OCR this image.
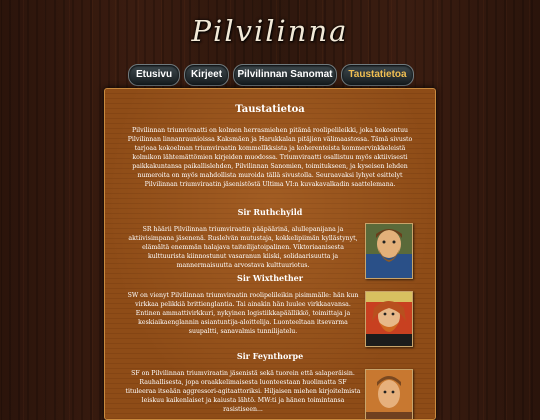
Pilvilinna
Etusivu	Kirjeet	Pilvilinnan Sanomat	Taustatietoa
Taustatietoa
Pilvilinnan triumviraatti on kolmen herrasmiehen pitämä roolipelileikki, joka kokoontuu Pilvilinnan linnanraunioissa Kaksmäen ja Harukkalan pitäjien välimaastossa. Tämä sivusto tarjoaa kokoelman triumviraatin kommellkksista ja koherenteista kommervinkkeleistä kolmikon lähtemättömien kirjeiden muodossa. Triumviraatti osallistuu myös aktiivisesti paikkakuntansa paikallislehden, Pilvilinnan Sanomien, toimitukseen, ja kyseisen lehden numeroita on myös mahdollista muroida tällä sivustolla. Seuraavaksi lyhyet esittelyt Pilvilinnan triumviraatin jäsenistöstä Ultima VI:n kuvakavalkadin saattelemana.
Sir Ruthchyild
SR häärii Pilvilinnan triumviraatin pääpäärinä, alullepanijana ja aktiivisimpana jäsenenä. Ruslelvän mutustaja, kokkelipiimän kyllästynyt, elämältä enemmän halajava taiteilijatoipalinen. Viktoriaanisesta kulttuurista kiinnostunut vasaranun kiiski, solidaarisuutta ja mannermaisuutta arvostava kulttuuriotus.
Sir Wixthether
SW on vienyt Pilvilinnan triumviraatin roolipelileikin pisimmälle: hän kun virkkaa pelikkiä brittienglantia. Tai ainakin hän luulee virkkaavansa. Entinen ammattivirkkuri, nykyinen logistiikkapäällikkö, toimittaja ja keskiaikaenglannin asiantuntija-aloittelija. Luonteeltaan itsevarma suupaltti, sanavalmis tunnilijatelu.
Sir Feynthorpe
SF on Pilvilinnan triumviraatin jäsenistä sekä tuorein että salaperäisin. Rauhallisesta, jopa oraakkelimaisesta luonteestaan huolimatta SF tituleeraa itseään aggressori-agitaattoriksi. Hiljaisen miehen kirjoitelmista leiskuu kaikenlaiset ja kaiusta lähtö. MW:ti ja hänen toimintansa rasistiseen...
